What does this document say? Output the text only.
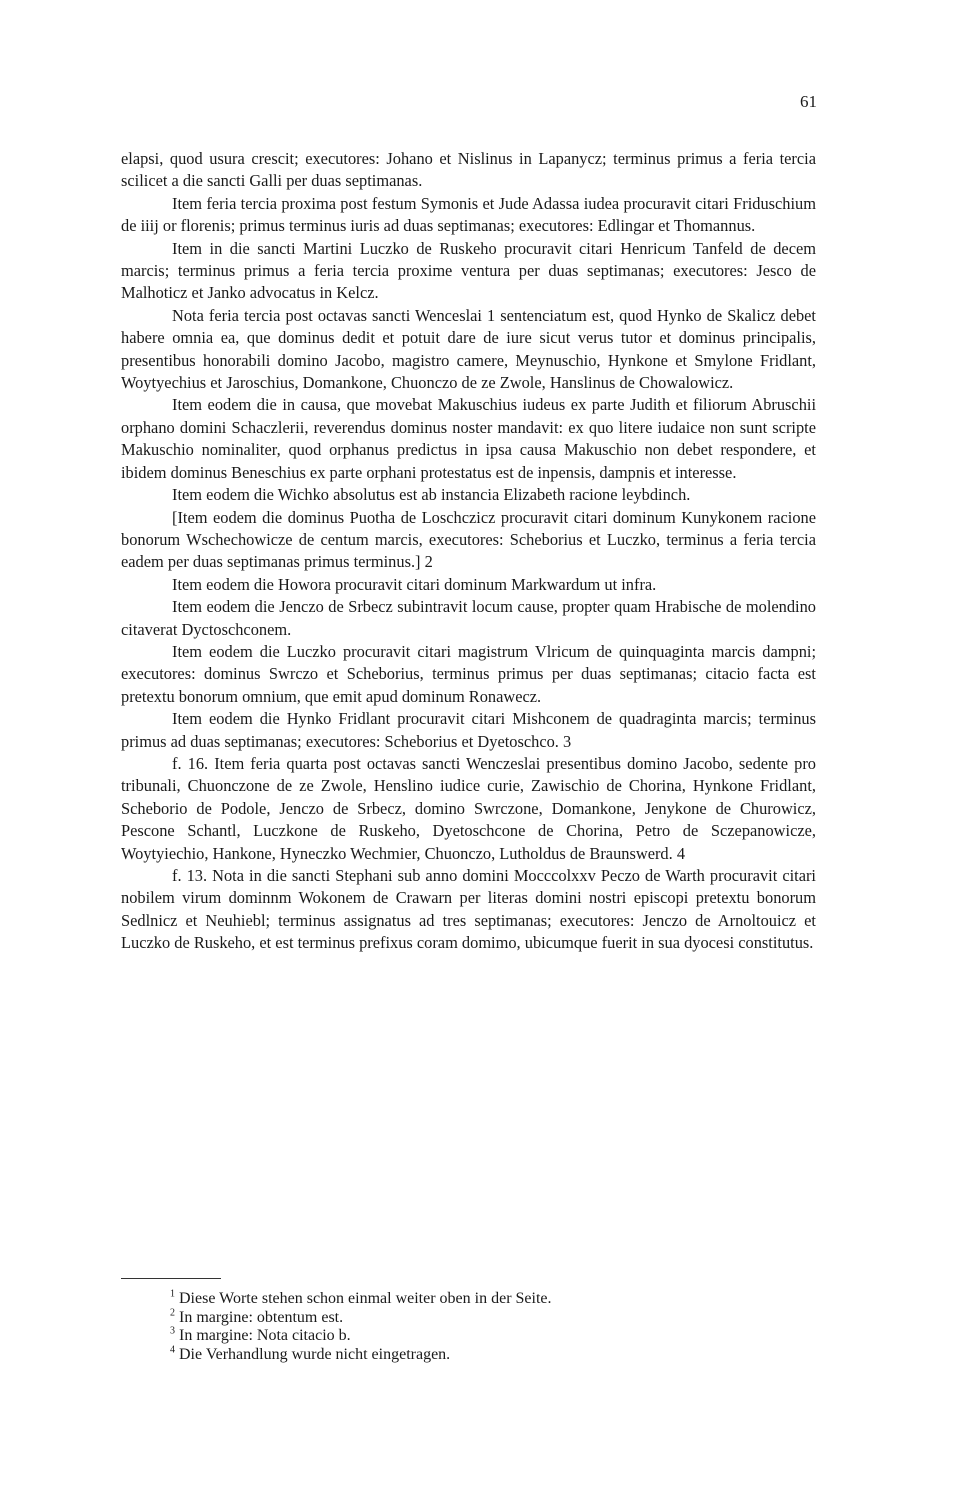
61

elapsi, quod usura crescit; executores: Johano et Nislinus in Lapanycz; terminus primus a feria tercia scilicet a die sancti Galli per duas septimanas.

Item feria tercia proxima post festum Symonis et Jude Adassa iudea procuravit citari Friduschium de iiij or florenis; primus terminus iuris ad duas septimanas; executores: Edlingar et Thomannus.

Item in die sancti Martini Luczko de Ruskeho procuravit citari Henricum Tanfeld de decem marcis; terminus primus a feria tercia proxime ventura per duas septimanas; executores: Jesco de Malhoticz et Janko advocatus in Kelcz.

Nota feria tercia post octavas sancti Wenceslai 1 sentenciatum est, quod Hynko de Skalicz debet habere omnia ea, que dominus dedit et potuit dare de iure sicut verus tutor et dominus principalis, presentibus honorabili domino Jacobo, magistro camere, Meynuschio, Hynkone et Smylone Fridlant, Woytyechius et Jaroschius, Domankone, Chuonczo de ze Zwole, Hanslinus de Chowalowicz.

Item eodem die in causa, que movebat Makuschius iudeus ex parte Judith et filiorum Abruschii orphano domini Schaczlerii, reverendus dominus noster mandavit: ex quo litere iudaice non sunt scripte Makuschio nominaliter, quod orphanus predictus in ipsa causa Makuschio non debet respondere, et ibidem dominus Beneschius ex parte orphani protestatus est de inpensis, dampnis et interesse.

Item eodem die Wichko absolutus est ab instancia Elizabeth racione leybdinch.

[Item eodem die dominus Puotha de Loschczicz procuravit citari dominum Kunykonem racione bonorum Wschechowicze de centum marcis, executores: Scheborius et Luczko, terminus a feria tercia eadem per duas septimanas primus terminus.] 2

Item eodem die Howora procuravit citari dominum Markwardum ut infra.

Item eodem die Jenczo de Srbecz subintravit locum cause, propter quam Hrabische de molendino citaverat Dyctoschconem.

Item eodem die Luczko procuravit citari magistrum Vlricum de quinquaginta marcis dampni; executores: dominus Swrczo et Scheborius, terminus primus per duas septimanas; citacio facta est pretextu bonorum omnium, que emit apud dominum Ronawecz.

Item eodem die Hynko Fridlant procuravit citari Mishconem de quadraginta marcis; terminus primus ad duas septimanas; executores: Scheborius et Dyetoschco. 3

f. 16. Item feria quarta post octavas sancti Wenczeslai presentibus domino Jacobo, sedente pro tribunali, Chuonczone de ze Zwole, Henslino iudice curie, Zawischio de Chorina, Hynkone Fridlant, Scheborio de Podole, Jenczo de Srbecz, domino Swrczone, Domankone, Jenykone de Churowicz, Pescone Schantl, Luczkone de Ruskeho, Dyetoschcone de Chorina, Petro de Sczepanowicze, Woytyiechio, Hankone, Hyneczko Wechmier, Chuonczo, Lutholdus de Braunswerd. 4

f. 13. Nota in die sancti Stephani sub anno domini Mocccolxxv Peczo de Warth procuravit citari nobilem virum dominnm Wokonem de Crawarn per literas domini nostri episcopi pretextu bonorum Sedlnicz et Neuhiebl; terminus assignatus ad tres septimanas; executores: Jenczo de Arnoltouicz et Luczko de Ruskeho, et est terminus prefixus coram domimo, ubicumque fuerit in sua dyocesi constitutus.

$^1$ Diese Worte stehen schon einmal weiter oben in der Seite.

$^2$ In margine: obtentum est.

$^3$ In margine: Nota citacio b.

$^4$ Die Verhandlung wurde nicht eingetragen.
